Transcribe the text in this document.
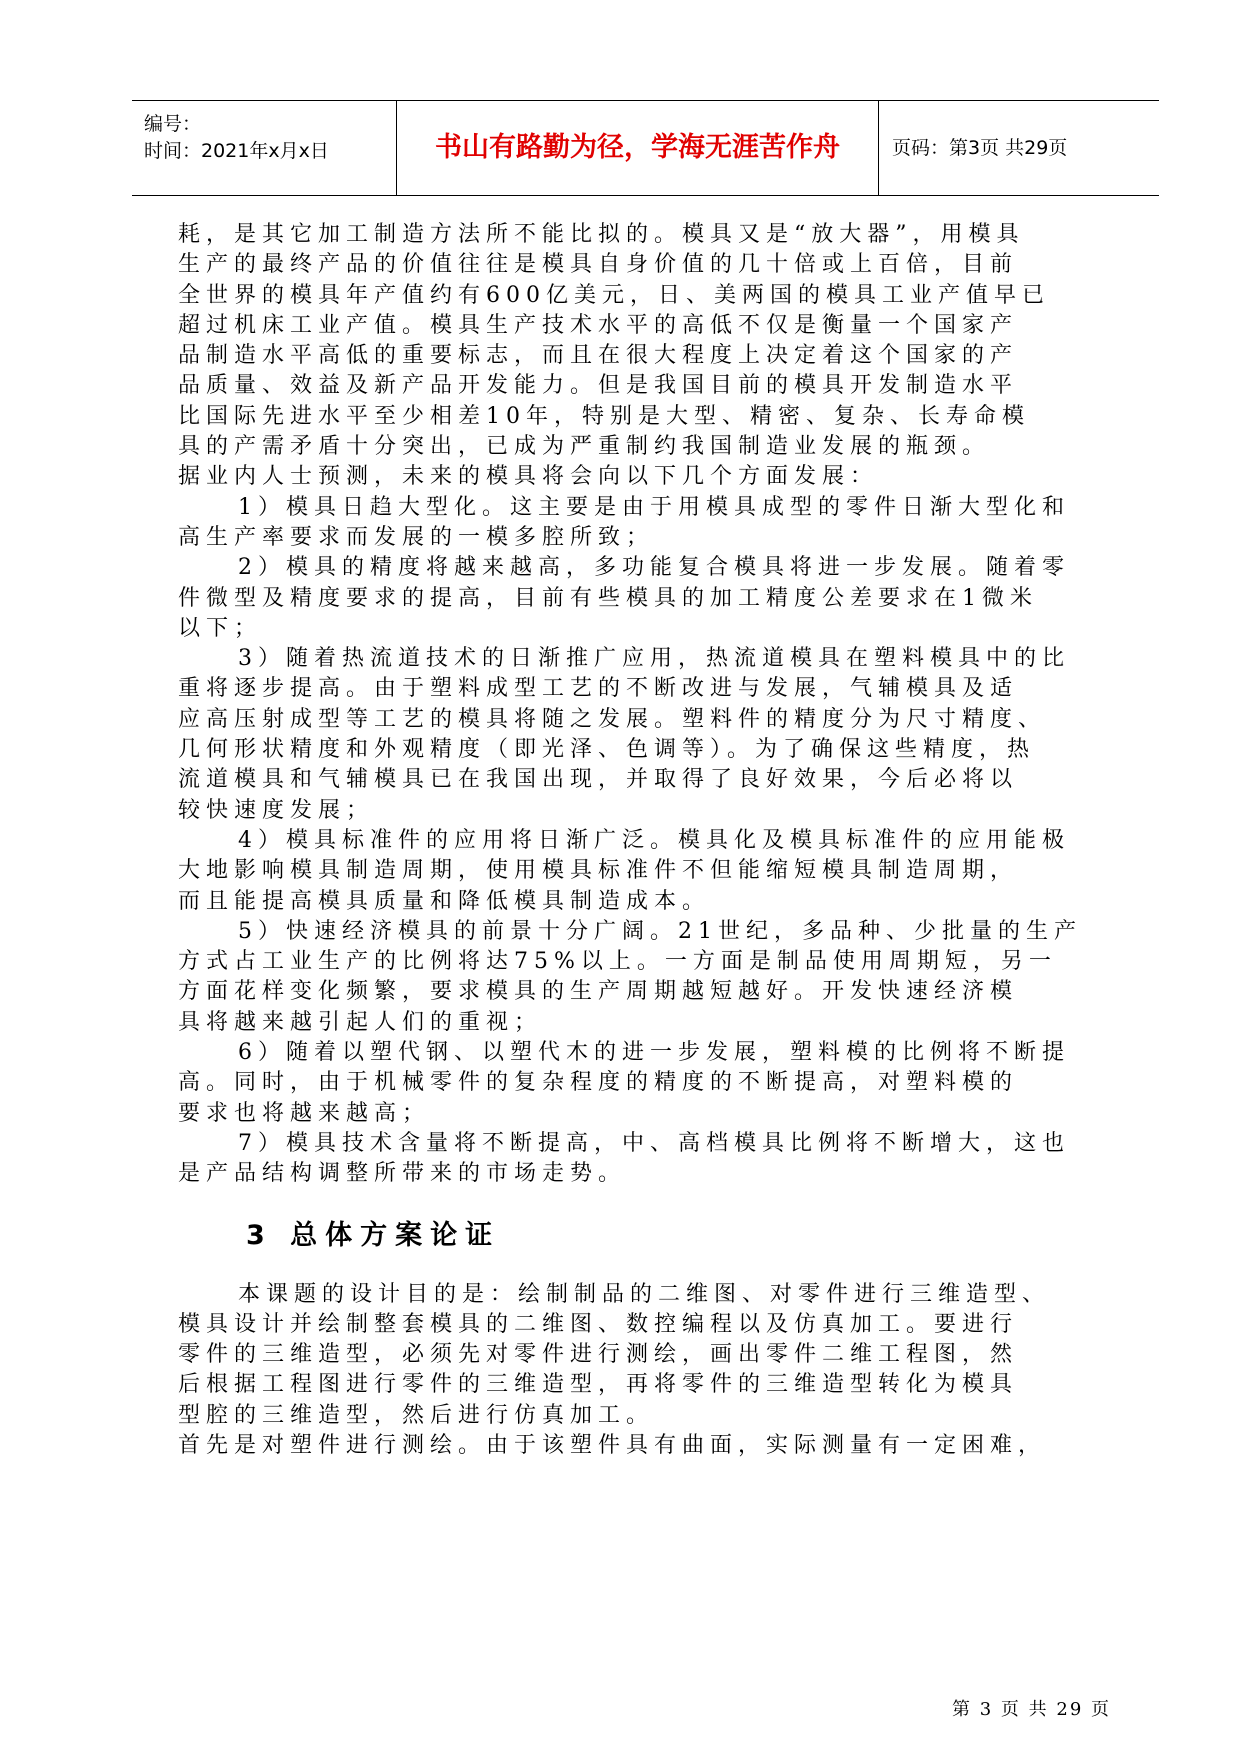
编号：
时间：2021年x月x日	书山有路勤为径，学海无涯苦作舟	页码：第3页 共29页
耗，是其它加工制造方法所不能比拟的。模具又是“放大器”，用模具
生产的最终产品的价值往往是模具自身价值的几十倍或上百倍，目前
全世界的模具年产值约有600亿美元，日、美两国的模具工业产值早已
超过机床工业产值。模具生产技术水平的高低不仅是衡量一个国家产
品制造水平高低的重要标志，而且在很大程度上决定着这个国家的产
品质量、效益及新产品开发能力。但是我国目前的模具开发制造水平
比国际先进水平至少相差10年，特别是大型、精密、复杂、长寿命模
具的产需矛盾十分突出，已成为严重制约我国制造业发展的瓶颈。
据业内人士预测，未来的模具将会向以下几个方面发展：
1）模具日趋大型化。这主要是由于用模具成型的零件日渐大型化和
高生产率要求而发展的一模多腔所致；
2）模具的精度将越来越高，多功能复合模具将进一步发展。随着零
件微型及精度要求的提高，目前有些模具的加工精度公差要求在1微米
以下；
3）随着热流道技术的日渐推广应用，热流道模具在塑料模具中的比
重将逐步提高。由于塑料成型工艺的不断改进与发展，气辅模具及适
应高压射成型等工艺的模具将随之发展。塑料件的精度分为尺寸精度、
几何形状精度和外观精度（即光泽、色调等）。为了确保这些精度，热
流道模具和气辅模具已在我国出现，并取得了良好效果，今后必将以
较快速度发展；
4）模具标准件的应用将日渐广泛。模具化及模具标准件的应用能极
大地影响模具制造周期，使用模具标准件不但能缩短模具制造周期，
而且能提高模具质量和降低模具制造成本。
5）快速经济模具的前景十分广阔。21世纪，多品种、少批量的生产
方式占工业生产的比例将达75%以上。一方面是制品使用周期短，另一
方面花样变化频繁，要求模具的生产周期越短越好。开发快速经济模
具将越来越引起人们的重视；
6）随着以塑代钢、以塑代木的进一步发展，塑料模的比例将不断提
高。同时，由于机械零件的复杂程度的精度的不断提高，对塑料模的
要求也将越来越高；
7）模具技术含量将不断提高，中、高档模具比例将不断增大，这也
是产品结构调整所带来的市场走势。
3 总体方案论证
本课题的设计目的是：绘制制品的二维图、对零件进行三维造型、
模具设计并绘制整套模具的二维图、数控编程以及仿真加工。要进行
零件的三维造型，必须先对零件进行测绘，画出零件二维工程图，然
后根据工程图进行零件的三维造型，再将零件的三维造型转化为模具
型腔的三维造型，然后进行仿真加工。
首先是对塑件进行测绘。由于该塑件具有曲面，实际测量有一定困难，
第 3 页 共 29 页
